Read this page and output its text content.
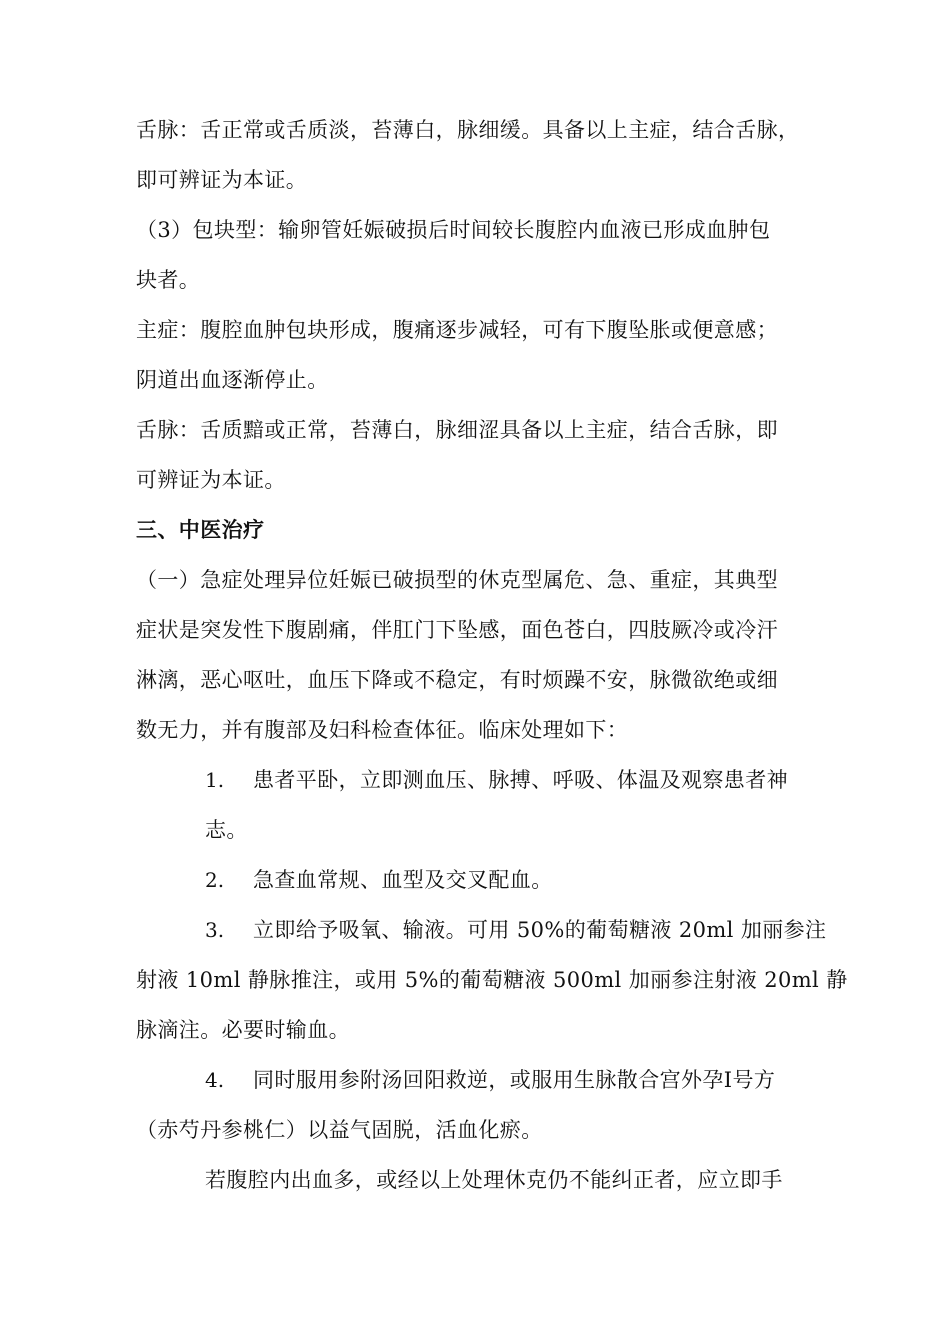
舌脉：舌正常或舌质淡，苔薄白，脉细缓。具备以上主症，结合舌脉，
即可辨证为本证。
（3）包块型：输卵管妊娠破损后时间较长腹腔内血液已形成血肿包
块者。
主症：腹腔血肿包块形成，腹痛逐步减轻，可有下腹坠胀或便意感；
阴道出血逐渐停止。
舌脉：舌质黯或正常，苔薄白，脉细涩具备以上主症，结合舌脉，即
可辨证为本证。
三、中医治疗
（一）急症处理异位妊娠已破损型的休克型属危、急、重症，其典型
症状是突发性下腹剧痛，伴肛门下坠感，面色苍白，四肢厥冷或冷汗
淋漓，恶心呕吐，血压下降或不稳定，有时烦躁不安，脉微欲绝或细
数无力，并有腹部及妇科检查体征。临床处理如下：
1. 患者平卧，立即测血压、脉搏、呼吸、体温及观察患者神
志。
2. 急查血常规、血型及交叉配血。
3. 立即给予吸氧、输液。可用 50%的葡萄糖液 20ml 加丽参注
射液 10ml 静脉推注，或用 5%的葡萄糖液 500ml 加丽参注射液 20ml 静
脉滴注。必要时输血。
4. 同时服用参附汤回阳救逆，或服用生脉散合宫外孕Ⅰ号方
（赤芍丹参桃仁）以益气固脱，活血化瘀。
若腹腔内出血多，或经以上处理休克仍不能纠正者，应立即手
